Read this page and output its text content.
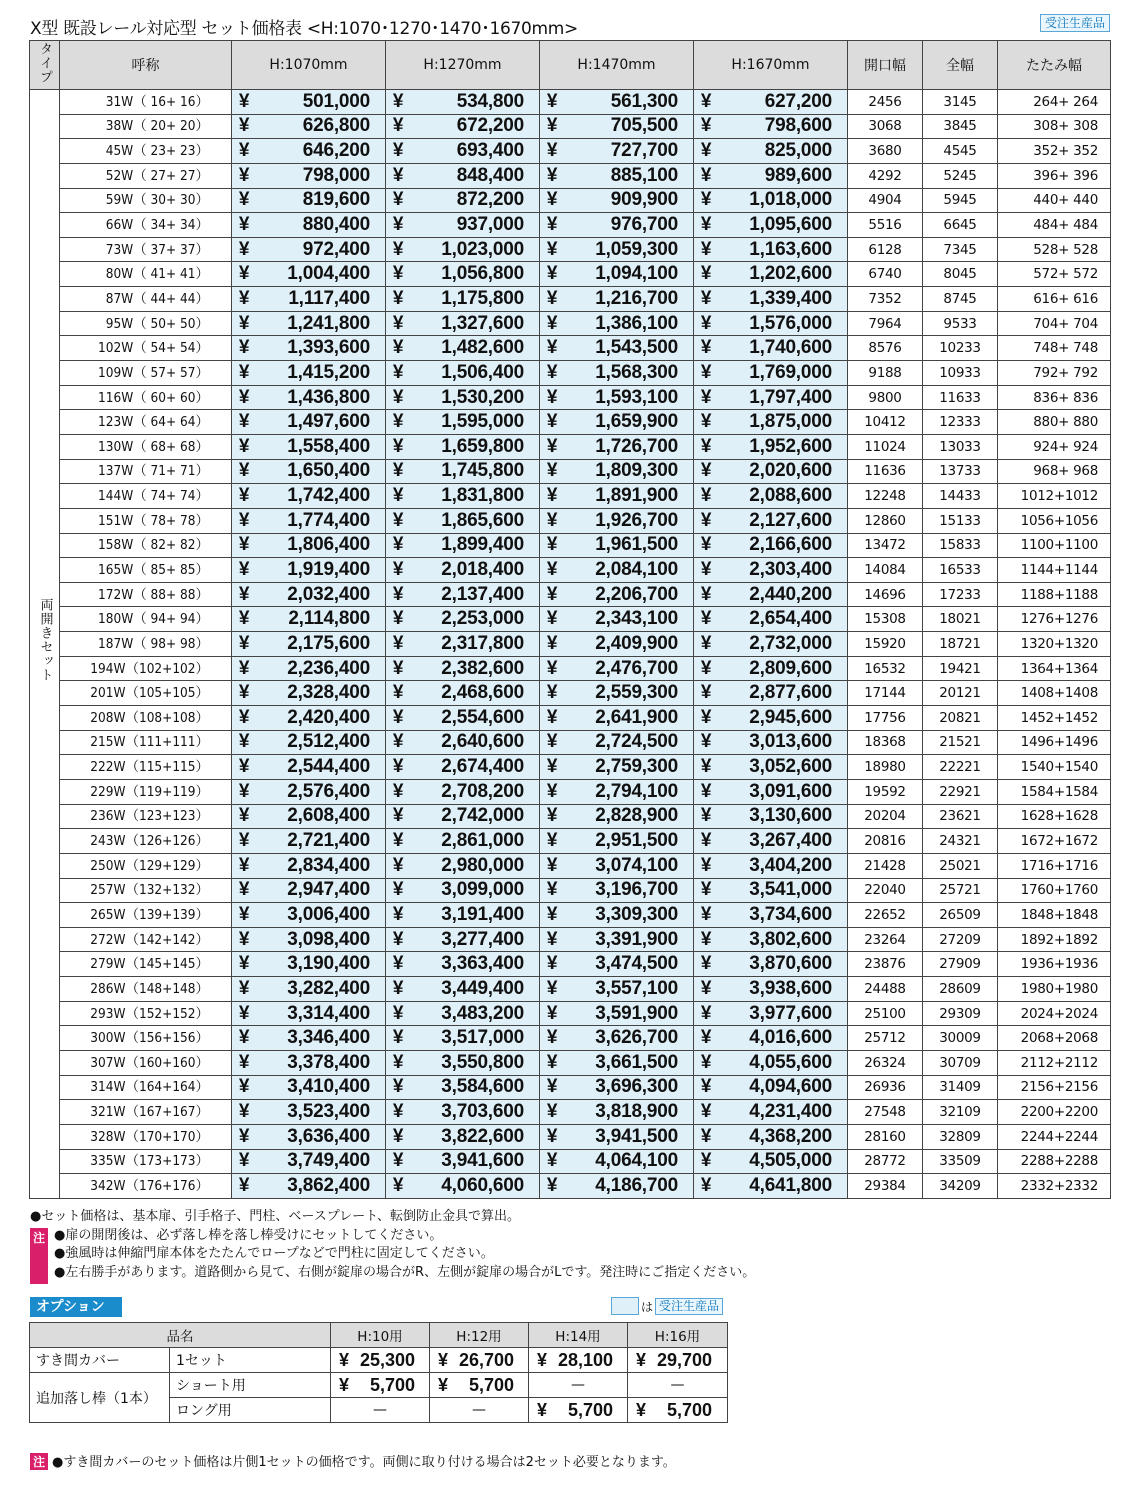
X型 既設レール対応型 セット価格表 <H:1070･1270･1470･1670mm>	受注生産品
タイプ	呼称	H:1070mm	H:1270mm	H:1470mm	H:1670mm	開口幅	全幅	たたみ幅
両開きセット	31W（ 16+ 16）	¥ 501,000	¥ 534,800	¥ 561,300	¥ 627,200	2456	3145	264+ 264
	38W（ 20+ 20）	¥ 626,800	¥ 672,200	¥ 705,500	¥ 798,600	3068	3845	308+ 308
	45W（ 23+ 23）	¥ 646,200	¥ 693,400	¥ 727,700	¥ 825,000	3680	4545	352+ 352
	52W（ 27+ 27）	¥ 798,000	¥ 848,400	¥ 885,100	¥ 989,600	4292	5245	396+ 396
	59W（ 30+ 30）	¥ 819,600	¥ 872,200	¥ 909,900	¥ 1,018,000	4904	5945	440+ 440
	66W（ 34+ 34）	¥ 880,400	¥ 937,000	¥ 976,700	¥ 1,095,600	5516	6645	484+ 484
	73W（ 37+ 37）	¥ 972,400	¥ 1,023,000	¥ 1,059,300	¥ 1,163,600	6128	7345	528+ 528
	80W（ 41+ 41）	¥ 1,004,400	¥ 1,056,800	¥ 1,094,100	¥ 1,202,600	6740	8045	572+ 572
	87W（ 44+ 44）	¥ 1,117,400	¥ 1,175,800	¥ 1,216,700	¥ 1,339,400	7352	8745	616+ 616
	95W（ 50+ 50）	¥ 1,241,800	¥ 1,327,600	¥ 1,386,100	¥ 1,576,000	7964	9533	704+ 704
	102W（ 54+ 54）	¥ 1,393,600	¥ 1,482,600	¥ 1,543,500	¥ 1,740,600	8576	10233	748+ 748
	109W（ 57+ 57）	¥ 1,415,200	¥ 1,506,400	¥ 1,568,300	¥ 1,769,000	9188	10933	792+ 792
	116W（ 60+ 60）	¥ 1,436,800	¥ 1,530,200	¥ 1,593,100	¥ 1,797,400	9800	11633	836+ 836
	123W（ 64+ 64）	¥ 1,497,600	¥ 1,595,000	¥ 1,659,900	¥ 1,875,000	10412	12333	880+ 880
	130W（ 68+ 68）	¥ 1,558,400	¥ 1,659,800	¥ 1,726,700	¥ 1,952,600	11024	13033	924+ 924
	137W（ 71+ 71）	¥ 1,650,400	¥ 1,745,800	¥ 1,809,300	¥ 2,020,600	11636	13733	968+ 968
	144W（ 74+ 74）	¥ 1,742,400	¥ 1,831,800	¥ 1,891,900	¥ 2,088,600	12248	14433	1012+1012
	151W（ 78+ 78）	¥ 1,774,400	¥ 1,865,600	¥ 1,926,700	¥ 2,127,600	12860	15133	1056+1056
	158W（ 82+ 82）	¥ 1,806,400	¥ 1,899,400	¥ 1,961,500	¥ 2,166,600	13472	15833	1100+1100
	165W（ 85+ 85）	¥ 1,919,400	¥ 2,018,400	¥ 2,084,100	¥ 2,303,400	14084	16533	1144+1144
	172W（ 88+ 88）	¥ 2,032,400	¥ 2,137,400	¥ 2,206,700	¥ 2,440,200	14696	17233	1188+1188
	180W（ 94+ 94）	¥ 2,114,800	¥ 2,253,000	¥ 2,343,100	¥ 2,654,400	15308	18021	1276+1276
	187W（ 98+ 98）	¥ 2,175,600	¥ 2,317,800	¥ 2,409,900	¥ 2,732,000	15920	18721	1320+1320
	194W（102+102）	¥ 2,236,400	¥ 2,382,600	¥ 2,476,700	¥ 2,809,600	16532	19421	1364+1364
	201W（105+105）	¥ 2,328,400	¥ 2,468,600	¥ 2,559,300	¥ 2,877,600	17144	20121	1408+1408
	208W（108+108）	¥ 2,420,400	¥ 2,554,600	¥ 2,641,900	¥ 2,945,600	17756	20821	1452+1452
	215W（111+111）	¥ 2,512,400	¥ 2,640,600	¥ 2,724,500	¥ 3,013,600	18368	21521	1496+1496
	222W（115+115）	¥ 2,544,400	¥ 2,674,400	¥ 2,759,300	¥ 3,052,600	18980	22221	1540+1540
	229W（119+119）	¥ 2,576,400	¥ 2,708,200	¥ 2,794,100	¥ 3,091,600	19592	22921	1584+1584
	236W（123+123）	¥ 2,608,400	¥ 2,742,000	¥ 2,828,900	¥ 3,130,600	20204	23621	1628+1628
	243W（126+126）	¥ 2,721,400	¥ 2,861,000	¥ 2,951,500	¥ 3,267,400	20816	24321	1672+1672
	250W（129+129）	¥ 2,834,400	¥ 2,980,000	¥ 3,074,100	¥ 3,404,200	21428	25021	1716+1716
	257W（132+132）	¥ 2,947,400	¥ 3,099,000	¥ 3,196,700	¥ 3,541,000	22040	25721	1760+1760
	265W（139+139）	¥ 3,006,400	¥ 3,191,400	¥ 3,309,300	¥ 3,734,600	22652	26509	1848+1848
	272W（142+142）	¥ 3,098,400	¥ 3,277,400	¥ 3,391,900	¥ 3,802,600	23264	27209	1892+1892
	279W（145+145）	¥ 3,190,400	¥ 3,363,400	¥ 3,474,500	¥ 3,870,600	23876	27909	1936+1936
	286W（148+148）	¥ 3,282,400	¥ 3,449,400	¥ 3,557,100	¥ 3,938,600	24488	28609	1980+1980
	293W（152+152）	¥ 3,314,400	¥ 3,483,200	¥ 3,591,900	¥ 3,977,600	25100	29309	2024+2024
	300W（156+156）	¥ 3,346,400	¥ 3,517,000	¥ 3,626,700	¥ 4,016,600	25712	30009	2068+2068
	307W（160+160）	¥ 3,378,400	¥ 3,550,800	¥ 3,661,500	¥ 4,055,600	26324	30709	2112+2112
	314W（164+164）	¥ 3,410,400	¥ 3,584,600	¥ 3,696,300	¥ 4,094,600	26936	31409	2156+2156
	321W（167+167）	¥ 3,523,400	¥ 3,703,600	¥ 3,818,900	¥ 4,231,400	27548	32109	2200+2200
	328W（170+170）	¥ 3,636,400	¥ 3,822,600	¥ 3,941,500	¥ 4,368,200	28160	32809	2244+2244
	335W（173+173）	¥ 3,749,400	¥ 3,941,600	¥ 4,064,100	¥ 4,505,000	28772	33509	2288+2288
	342W（176+176）	¥ 3,862,400	¥ 4,060,600	¥ 4,186,700	¥ 4,641,800	29384	34209	2332+2332
●セット価格は、基本扉、引手格子、門柱、ベースプレート、転倒防止金具で算出。
注 ●扉の開閉後は、必ず落し棒を落し棒受けにセットしてください。
●強風時は伸縮門扉本体をたたんでロープなどで門柱に固定してください。
●左右勝手があります。道路側から見て、右側が錠扉の場合がR、左側が錠扉の場合がLです。発注時にご指定ください。
オプション	は 受注生産品
品名		H:10用	H:12用	H:14用	H:16用
すき間カバー	1セット	¥ 25,300	¥ 26,700	¥ 28,100	¥ 29,700
追加落し棒（1本）	ショート用	¥ 5,700	¥ 5,700	—	—
	ロング用	—	—	¥ 5,700	¥ 5,700
注 ●すき間カバーのセット価格は片側1セットの価格です。両側に取り付ける場合は2セット必要となります。
